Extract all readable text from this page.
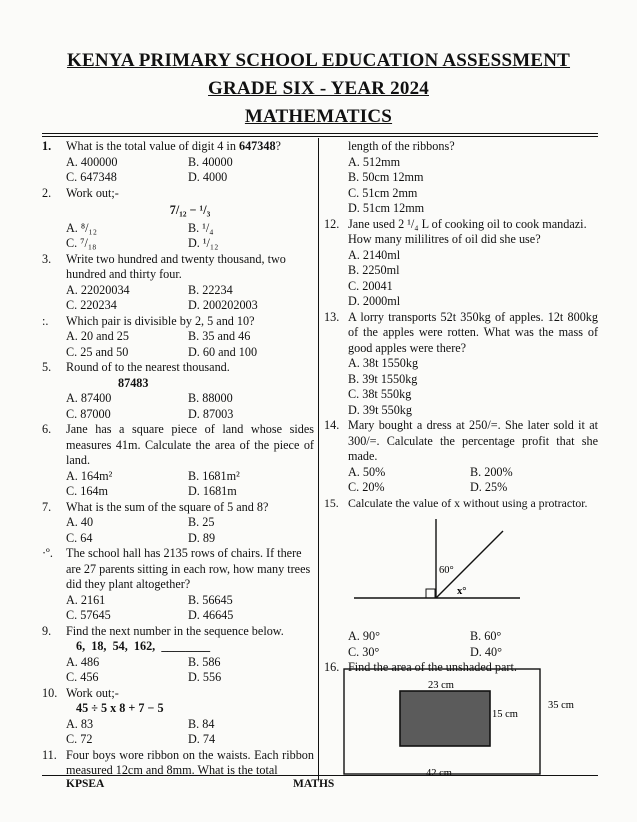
KENYA PRIMARY SCHOOL EDUCATION ASSESSMENT
GRADE SIX - YEAR 2024
MATHEMATICS
1. What is the total value of digit 4 in 647348?
A. 400000	B. 40000
C. 647348	D. 4000
2. Work out;-
7/₁₂ − ¹/₃
A. ⁸/₁₂	B. ¹/₄
C. ⁷/₁₈	D. ¹/₁₂
3. Write two hundred and twenty thousand, two hundred and thirty four.
A. 22020034	B. 22234
C. 220234	D. 200202003
:. Which pair is divisible by 2, 5 and 10?
A. 20 and 25	B. 35 and 46
C. 25 and 50	D. 60 and 100
5. Round of to the nearest thousand.
87483
A. 87400	B. 88000
C. 87000	D. 87003
6. Jane has a square piece of land whose sides measures 41m. Calculate the area of the piece of land.
A. 164m²	B. 1681m²
C. 164m	D. 1681m
7. What is the sum of the square of 5 and 8?
A. 40	B. 25
C. 64	D. 89
·º. The school hall has 2135 rows of chairs. If there are 27 parents sitting in each row, how many trees did they plant altogether?
A. 2161	B. 56645
C. 57645	D. 46645
9. Find the next number in the sequence below.
6,  18,  54,  162,  ________
A. 486	B. 586
C. 456	D. 556
10. Work out;-
45 ÷ 5 x 8 + 7 − 5
A. 83	B. 84
C. 72	D. 74
11. Four boys wore ribbon on the waists. Each ribbon measured 12cm and 8mm. What is the total
length of the ribbons?
A. 512mm
B. 50cm 12mm
C. 51cm 2mm
D. 51cm 12mm
12. Jane used 2 ¹/₄ L of cooking oil to cook mandazi. How many mililitres of oil did she use?
A. 2140ml
B. 2250ml
C. 20041
D. 2000ml
13. A lorry transports 52t 350kg of apples. 12t 800kg of the apples were rotten. What was the mass of good apples were there?
A. 38t 1550kg
B. 39t 1550kg
C. 38t 550kg
D. 39t 550kg
14. Mary bought a dress at 250/=. She later sold it at 300/=. Calculate the percentage profit that she made.
A. 50%	B. 200%
C. 20%	D. 25%
15. Calculate the value of x without using a protractor.
60°
x°
A. 90°	B. 60°
C. 30°	D. 40°
16. Find the area of the unshaded part.
23 cm
15 cm
35 cm
42 cm
KPSEA	MATHS
